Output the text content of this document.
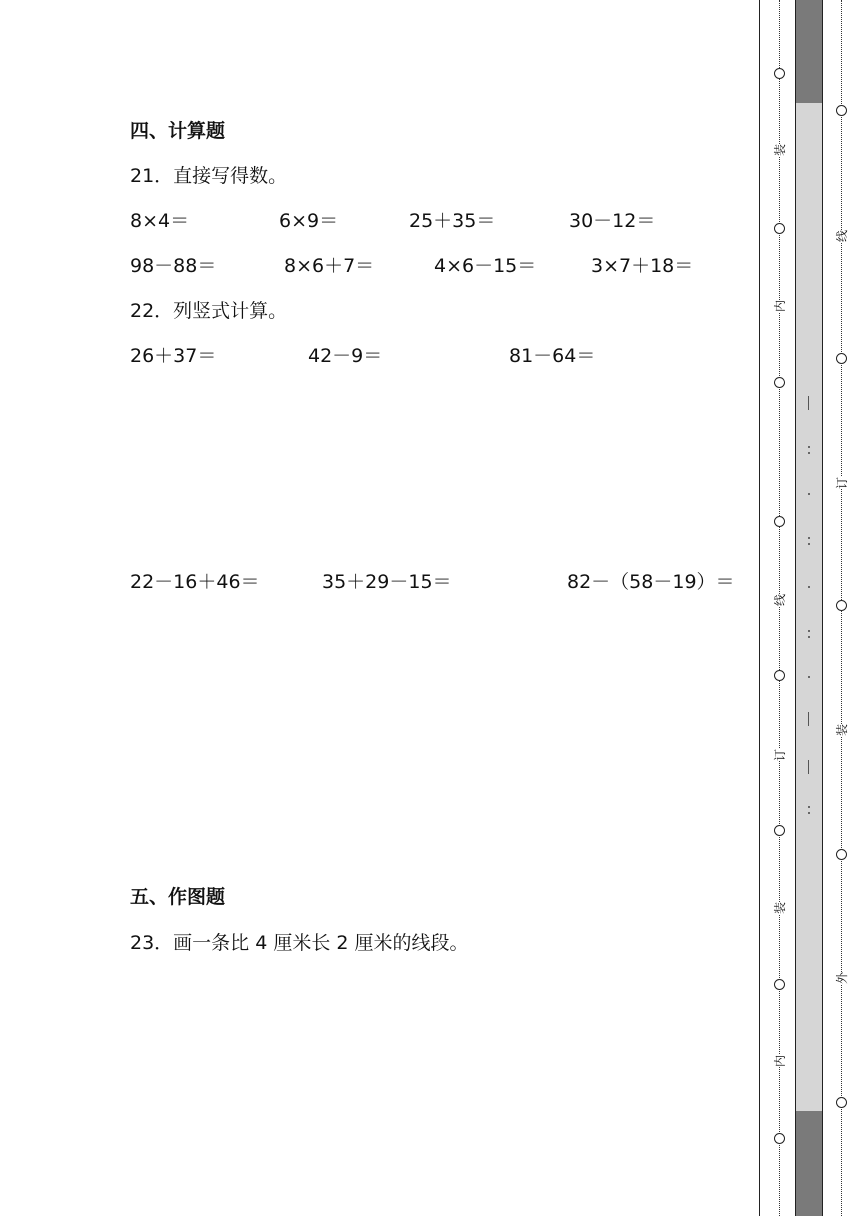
四、计算题
21．直接写得数。
8×4＝	6×9＝	25＋35＝	30－12＝
98－88＝	8×6＋7＝	4×6－15＝	3×7＋18＝
22．列竖式计算。
26＋37＝	42－9＝	81－64＝
22－16＋46＝	35＋29－15＝	82－（58－19）＝
五、作图题
23．画一条比 4 厘米长 2 厘米的线段。
装
内
线
订
装
内
线
订
装
外
